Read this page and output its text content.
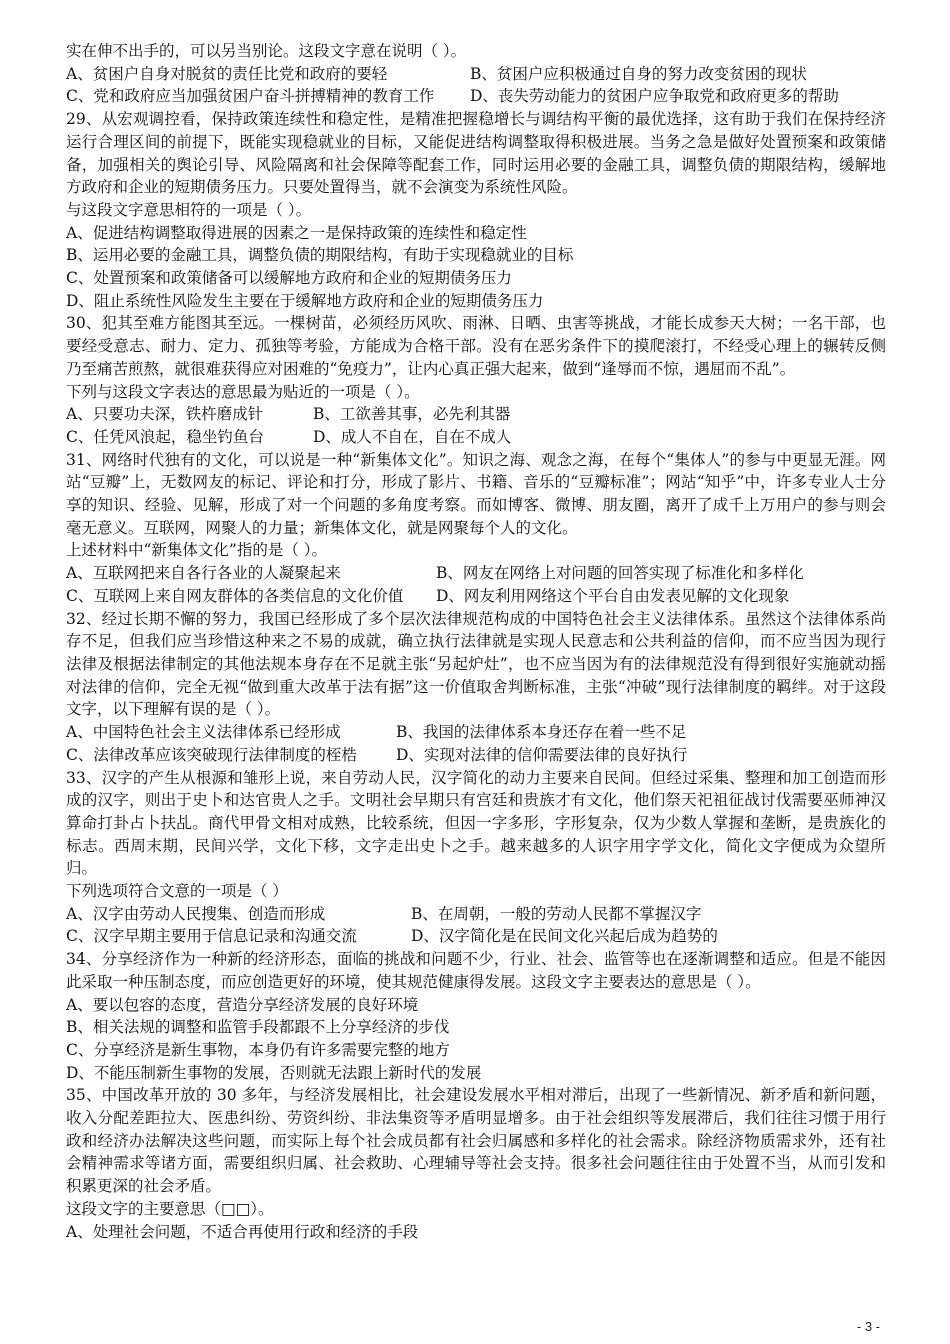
实在伸不出手的，可以另当别论。这段文字意在说明（ ）。

A、贫困户自身对脱贫的责任比党和政府的要轻	B、贫困户应积极通过自身的努力改变贫困的现状

C、党和政府应当加强贫困户奋斗拼搏精神的教育工作 D、丧失劳动能力的贫困户应争取党和政府更多的帮助

29、从宏观调控看，保持政策连续性和稳定性，是精准把握稳增长与调结构平衡的最优选择，这有助于我们在保持经济运行合理区间的前提下，既能实现稳就业的目标，又能促进结构调整取得积极进展。当务之急是做好处置预案和政策储备，加强相关的舆论引导、风险隔离和社会保障等配套工作，同时运用必要的金融工具，调整负债的期限结构，缓解地方政府和企业的短期债务压力。只要处置得当，就不会演变为系统性风险。

与这段文字意思相符的一项是（ ）。

A、促进结构调整取得进展的因素之一是保持政策的连续性和稳定性

B、运用必要的金融工具，调整负债的期限结构，有助于实现稳就业的目标

C、处置预案和政策储备可以缓解地方政府和企业的短期债务压力

D、阻止系统性风险发生主要在于缓解地方政府和企业的短期债务压力

30、犯其至难方能图其至远。一棵树苗，必须经历风吹、雨淋、日晒、虫害等挑战，才能长成参天大树；一名干部，也要经受意志、耐力、定力、孤独等考验，方能成为合格干部。没有在恶劣条件下的摸爬滚打，不经受心理上的辗转反侧乃至痛苦煎熬，就很难获得应对困难的“免疫力”，让内心真正强大起来，做到“逢辱而不惊，遇屈而不乱”。

下列与这段文字表达的意思最为贴近的一项是（ ）。

A、只要功夫深，铁杵磨成针	B、工欲善其事，必先利其器

C、任凭风浪起，稳坐钓鱼台	D、成人不自在，自在不成人

31、网络时代独有的文化，可以说是一种“新集体文化”。知识之海、观念之海，在每个“集体人”的参与中更显无涯。网站“豆瓣”上，无数网友的标记、评论和打分，形成了影片、书籍、音乐的“豆瓣标准”；网站“知乎”中，许多专业人士分享的知识、经验、见解，形成了对一个问题的多角度考察。而如博客、微博、朋友圈，离开了成千上万用户的参与则会毫无意义。互联网，网聚人的力量；新集体文化，就是网聚每个人的文化。

上述材料中“新集体文化”指的是（ ）。

A、互联网把来自各行各业的人凝聚起来	B、网友在网络上对问题的回答实现了标准化和多样化

C、互联网上来自网友群体的各类信息的文化价值 D、网友利用网络这个平台自由发表见解的文化现象

32、经过长期不懈的努力，我国已经形成了多个层次法律规范构成的中国特色社会主义法律体系。虽然这个法律体系尚存不足，但我们应当珍惜这种来之不易的成就，确立执行法律就是实现人民意志和公共利益的信仰，而不应当因为现行法律及根据法律制定的其他法规本身存在不足就主张“另起炉灶”，也不应当因为有的法律规范没有得到很好实施就动摇对法律的信仰，完全无视“做到重大改革于法有据”这一价值取舍判断标准，主张“冲破”现行法律制度的羁绊。对于这段文字，以下理解有误的是（ ）。

A、中国特色社会主义法律体系已经形成	B、我国的法律体系本身还存在着一些不足

C、法律改革应该突破现行法律制度的桎梏	D、实现对法律的信仰需要法律的良好执行

33、汉字的产生从根源和雏形上说，来自劳动人民，汉字简化的动力主要来自民间。但经过采集、整理和加工创造而形成的汉字，则出于史卜和达官贵人之手。文明社会早期只有宫廷和贵族才有文化，他们祭天祀祖征战讨伐需要巫师神汉算命打卦占卜扶乩。商代甲骨文相对成熟，比较系统，但因一字多形，字形复杂，仅为少数人掌握和垄断，是贵族化的标志。西周末期，民间兴学，文化下移，文字走出史卜之手。越来越多的人识字用字学文化，简化文字便成为众望所归。

下列选项符合文意的一项是（ ）

A、汉字由劳动人民搜集、创造而形成	B、在周朝，一般的劳动人民都不掌握汉字

C、汉字早期主要用于信息记录和沟通交流	D、汉字简化是在民间文化兴起后成为趋势的

34、分享经济作为一种新的经济形态，面临的挑战和问题不少，行业、社会、监管等也在逐渐调整和适应。但是不能因此采取一种压制态度，而应创造更好的环境，使其规范健康得发展。这段文字主要表达的意思是（ ）。

A、要以包容的态度，营造分享经济发展的良好环境

B、相关法规的调整和监管手段都跟不上分享经济的步伐

C、分享经济是新生事物，本身仍有许多需要完整的地方

D、不能压制新生事物的发展，否则就无法跟上新时代的发展

35、中国改革开放的 30 多年，与经济发展相比，社会建设发展水平相对滞后，出现了一些新情况、新矛盾和新问题，收入分配差距拉大、医患纠纷、劳资纠纷、非法集资等矛盾明显增多。由于社会组织等发展滞后，我们往往习惯于用行政和经济办法解决这些问题，而实际上每个社会成员都有社会归属感和多样化的社会需求。除经济物质需求外，还有社会精神需求等诸方面，需要组织归属、社会救助、心理辅导等社会支持。很多社会问题往往由于处置不当，从而引发和积累更深的社会矛盾。

这段文字的主要意思（□□）。

A、处理社会问题，不适合再使用行政和经济的手段

- 3 -
